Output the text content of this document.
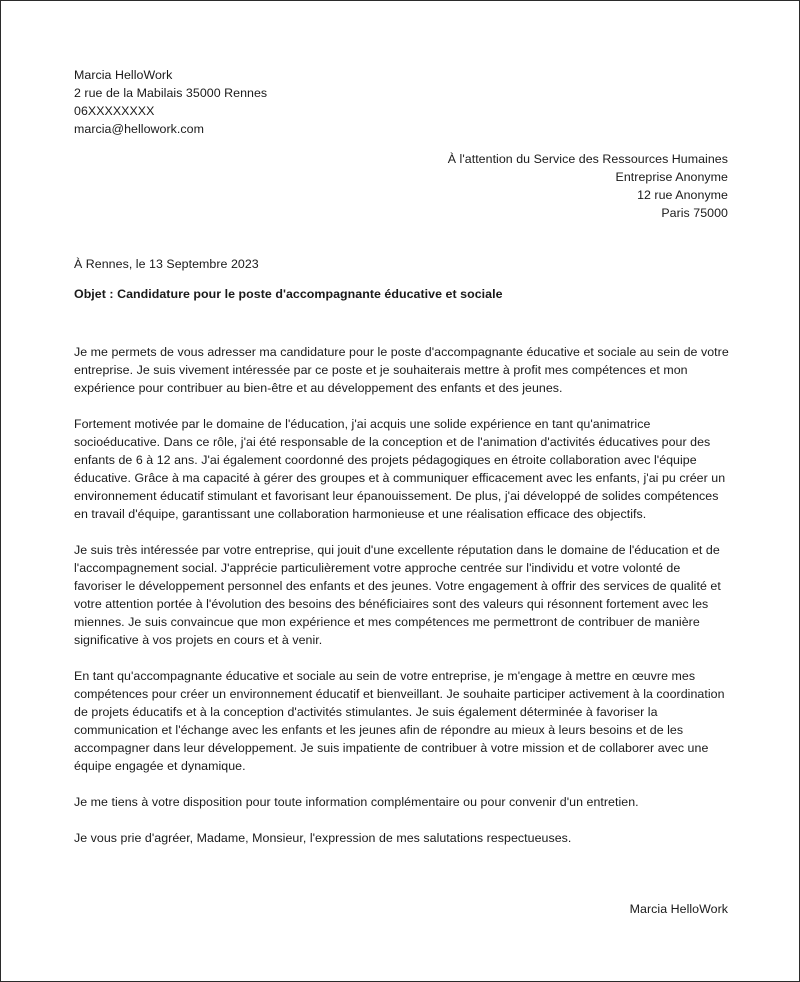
Marcia HelloWork
2 rue de la Mabilais 35000 Rennes
06XXXXXXXX
marcia@hellowork.com
À l'attention du Service des Ressources Humaines
Entreprise Anonyme
12 rue Anonyme
Paris 75000
À Rennes, le 13 Septembre 2023
Objet : Candidature pour le poste d'accompagnante éducative et sociale

Je me permets de vous adresser ma candidature pour le poste d'accompagnante éducative et sociale au sein de votre entreprise. Je suis vivement intéressée par ce poste et je souhaiterais mettre à profit mes compétences et mon expérience pour contribuer au bien-être et au développement des enfants et des jeunes.

Fortement motivée par le domaine de l'éducation, j'ai acquis une solide expérience en tant qu'animatrice socioéducative. Dans ce rôle, j'ai été responsable de la conception et de l'animation d'activités éducatives pour des enfants de 6 à 12 ans. J'ai également coordonné des projets pédagogiques en étroite collaboration avec l'équipe éducative. Grâce à ma capacité à gérer des groupes et à communiquer efficacement avec les enfants, j'ai pu créer un environnement éducatif stimulant et favorisant leur épanouissement. De plus, j'ai développé de solides compétences en travail d'équipe, garantissant une collaboration harmonieuse et une réalisation efficace des objectifs.

Je suis très intéressée par votre entreprise, qui jouit d'une excellente réputation dans le domaine de l'éducation et de l'accompagnement social. J'apprécie particulièrement votre approche centrée sur l'individu et votre volonté de favoriser le développement personnel des enfants et des jeunes. Votre engagement à offrir des services de qualité et votre attention portée à l'évolution des besoins des bénéficiaires sont des valeurs qui résonnent fortement avec les miennes. Je suis convaincue que mon expérience et mes compétences me permettront de contribuer de manière significative à vos projets en cours et à venir.

En tant qu'accompagnante éducative et sociale au sein de votre entreprise, je m'engage à mettre en œuvre mes compétences pour créer un environnement éducatif et bienveillant. Je souhaite participer activement à la coordination de projets éducatifs et à la conception d'activités stimulantes. Je suis également déterminée à favoriser la communication et l'échange avec les enfants et les jeunes afin de répondre au mieux à leurs besoins et de les accompagner dans leur développement. Je suis impatiente de contribuer à votre mission et de collaborer avec une équipe engagée et dynamique.

Je me tiens à votre disposition pour toute information complémentaire ou pour convenir d'un entretien.

Je vous prie d'agréer, Madame, Monsieur, l'expression de mes salutations respectueuses.

Marcia HelloWork
